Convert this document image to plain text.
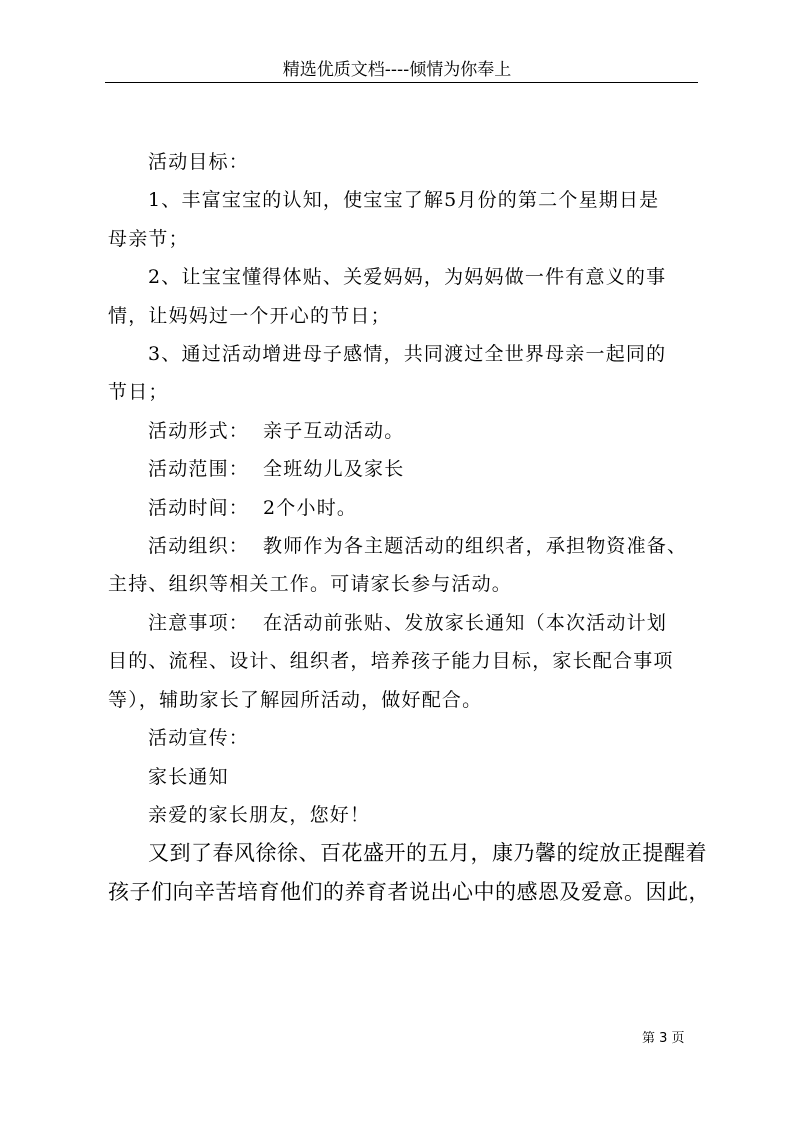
精选优质文档----倾情为你奉上

活动目标：

1、丰富宝宝的认知，使宝宝了解5月份的第二个星期日是

母亲节；

2、让宝宝懂得体贴、关爱妈妈，为妈妈做一件有意义的事

情，让妈妈过一个开心的节日；

3、通过活动增进母子感情，共同渡过全世界母亲一起同的

节日；

活动形式： 亲子互动活动。

活动范围： 全班幼儿及家长

活动时间： 2个小时。

活动组织： 教师作为各主题活动的组织者，承担物资准备、

主持、组织等相关工作。可请家长参与活动。

注意事项： 在活动前张贴、发放家长通知（本次活动计划

目的、流程、设计、组织者，培养孩子能力目标，家长配合事项

等），辅助家长了解园所活动，做好配合。

活动宣传：

家长通知

亲爱的家长朋友，您好！

又到了春风徐徐、百花盛开的五月，康乃馨的绽放正提醒着

孩子们向辛苦培育他们的养育者说出心中的感恩及爱意。因此，

第 3 页
